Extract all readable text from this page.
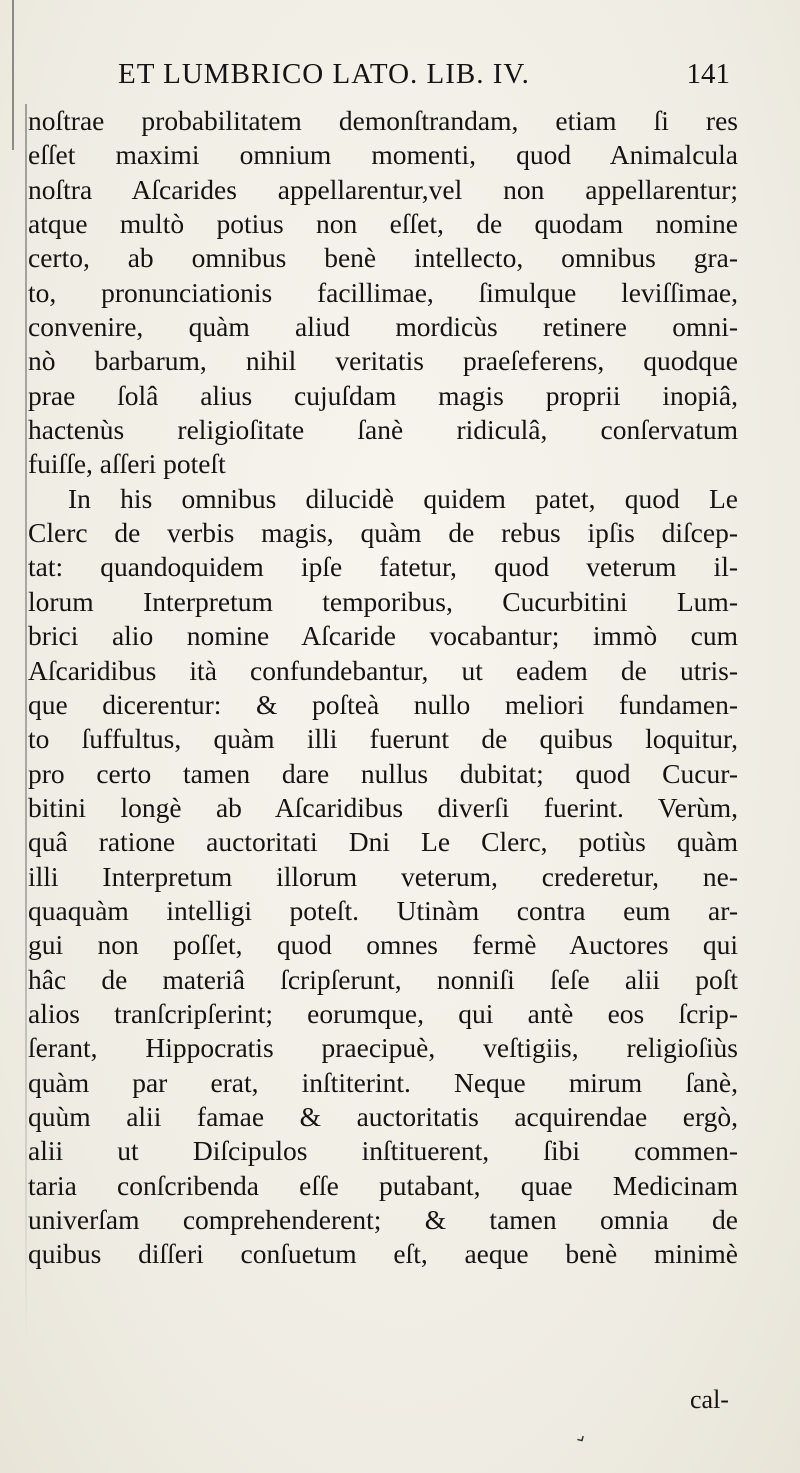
ET LUMBRICO LATO. LIB. IV.	141
noſtrae probabilitatem demonſtrandam, etiam ſi res
eſſet maximi omnium momenti, quod Animalcula
noſtra Aſcarides appellarentur,vel non appellarentur;
atque multò potius non eſſet, de quodam nomine
certo, ab omnibus benè intellecto, omnibus gra-
to, pronunciationis facillimae, ſimulque leviſſimae,
convenire, quàm aliud mordicùs retinere omni-
nò barbarum, nihil veritatis praeſeferens, quodque
prae ſolâ alius cujuſdam magis proprii inopiâ,
hactenùs religioſitate ſanè ridiculâ, conſervatum
fuiſſe, aſſeri poteſt
In his omnibus dilucidè quidem patet, quod Le
Clerc de verbis magis, quàm de rebus ipſis diſcep-
tat: quandoquidem ipſe fatetur, quod veterum il-
lorum Interpretum temporibus, Cucurbitini Lum-
brici alio nomine Aſcaride vocabantur; immò cum
Aſcaridibus ità confundebantur, ut eadem de utris-
que dicerentur: & poſteà nullo meliori fundamen-
to ſuffultus, quàm illi fuerunt de quibus loquitur,
pro certo tamen dare nullus dubitat; quod Cucur-
bitini longè ab Aſcaridibus diverſi fuerint. Verùm,
quâ ratione auctoritati Dni Le Clerc, potiùs quàm
illi Interpretum illorum veterum, crederetur, ne-
quaquàm intelligi poteſt. Utinàm contra eum ar-
gui non poſſet, quod omnes fermè Auctores qui
hâc de materiâ ſcripſerunt, nonniſi ſeſe alii poſt
alios tranſcripſerint; eorumque, qui antè eos ſcrip-
ſerant, Hippocratis praecipuè, veſtigiis, religioſiùs
quàm par erat, inſtiterint. Neque mirum ſanè,
quùm alii famae & auctoritatis acquirendae ergò,
alii ut Diſcipulos inſtituerent, ſibi commen-
taria conſcribenda eſſe putabant, quae Medicinam
univerſam comprehenderent; & tamen omnia de
quibus diſſeri conſuetum eſt, aeque benè minimè
cal-
⌄
